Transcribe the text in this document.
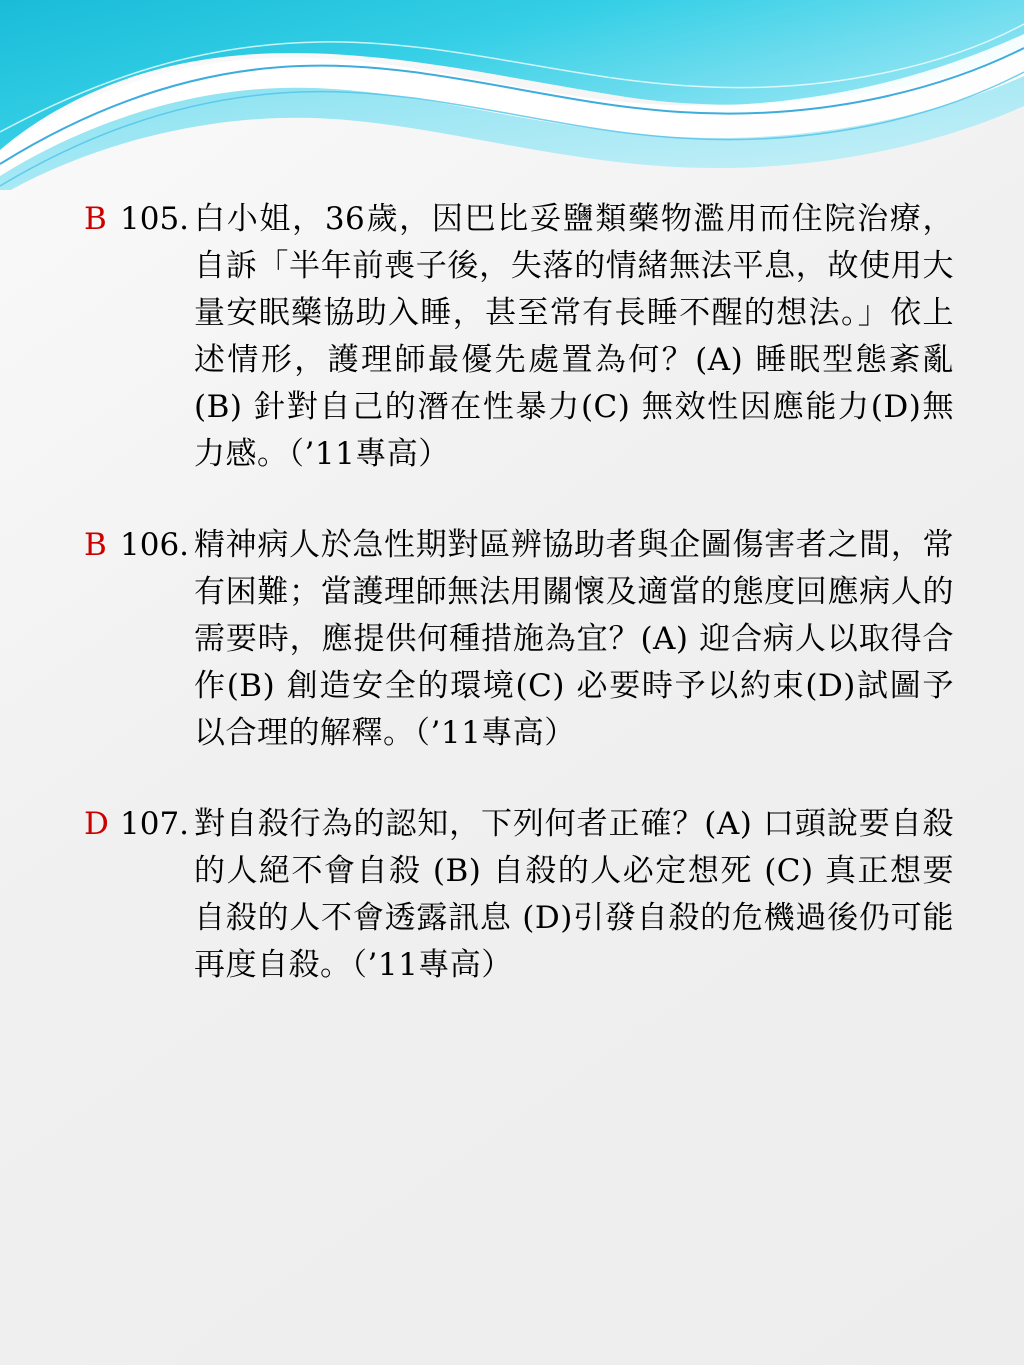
B 105. 白小姐，36歲，因巴比妥鹽類藥物濫用而住院治療，自訴「半年前喪子後，失落的情緒無法平息，故使用大量安眠藥協助入睡，甚至常有長睡不醒的想法。」依上述情形，護理師最優先處置為何？(A) 睡眠型態紊亂(B) 針對自己的潛在性暴力(C) 無效性因應能力(D)無力感。（’11專高）
B 106. 精神病人於急性期對區辨協助者與企圖傷害者之間，常有困難；當護理師無法用關懷及適當的態度回應病人的需要時，應提供何種措施為宜？(A) 迎合病人以取得合作(B) 創造安全的環境(C) 必要時予以約束(D)試圖予以合理的解釋。（’11專高）
D 107. 對自殺行為的認知，下列何者正確？(A) 口頭說要自殺的人絕不會自殺 (B) 自殺的人必定想死 (C) 真正想要自殺的人不會透露訊息 (D)引發自殺的危機過後仍可能再度自殺。（’11專高）
